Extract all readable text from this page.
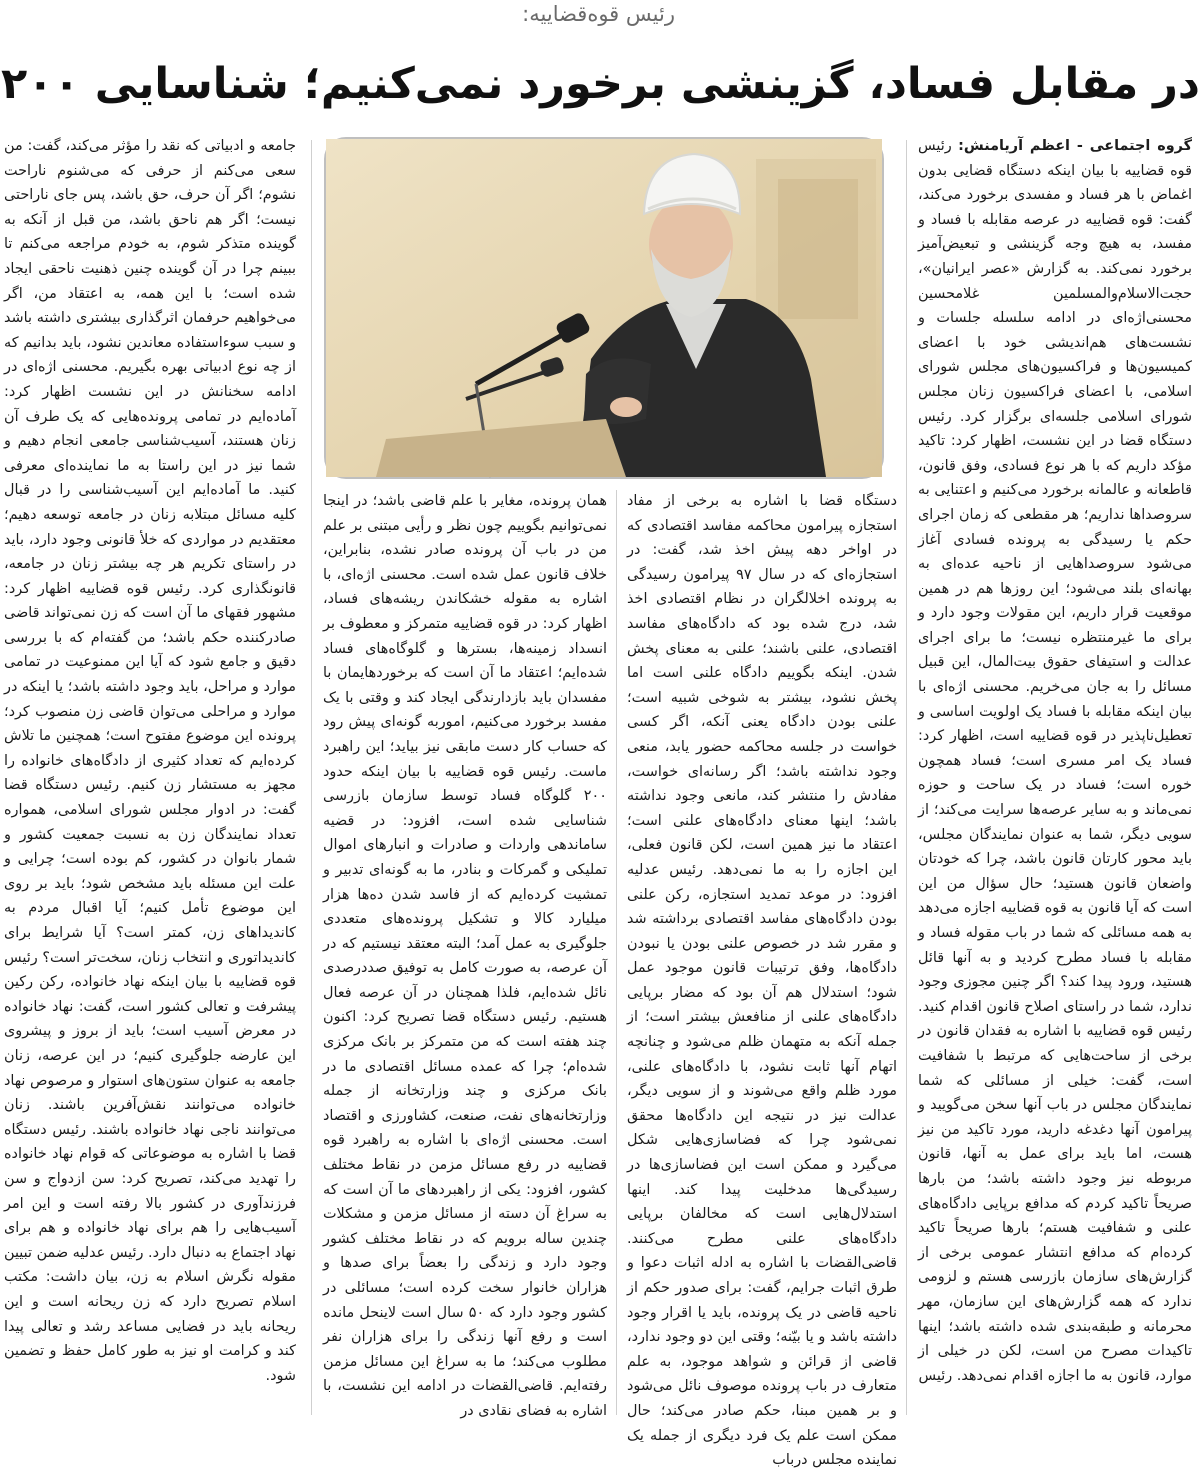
رئیس قوه‌قضاییه:
در مقابل فساد، گزینشی برخورد نمی‌کنیم؛ شناسایی ۲۰۰

گروه اجتماعی - اعظم آریامنش: رئیس قوه قضاییه با بیان اینکه دستگاه قضایی بدون اغماض با هر فساد و مفسدی برخورد می‌کند، گفت: قوه قضاییه در عرصه مقابله با فساد و مفسد، به هیچ وجه گزینشی و تبعیض‌آمیز برخورد نمی‌کند. به گزارش «عصر ایرانیان»، حجت‌الاسلام‌والمسلمین غلامحسین محسنی‌اژه‌ای در ادامه سلسله جلسات و نشست‌های هم‌اندیشی خود با اعضای کمیسیون‌ها و فراکسیون‌های مجلس شورای اسلامی، با اعضای فراکسیون زنان مجلس شورای اسلامی جلسه‌ای برگزار کرد. رئیس دستگاه قضا در این نشست، اظهار کرد: تاکید مؤکد داریم که با هر نوع فسادی، وفق قانون، قاطعانه و عالمانه برخورد می‌کنیم و اعتنایی به سروصداها نداریم؛ هر مقطعی که زمان اجرای حکم یا رسیدگی به پرونده فسادی آغاز می‌شود سروصداهایی از ناحیه عده‌ای به بهانه‌ای بلند می‌شود؛ این روزها هم در همین موقعیت قرار داریم، این مقولات وجود دارد و برای ما غیرمنتظره نیست؛ ما برای اجرای عدالت و استیفای حقوق بیت‌المال، این قبیل مسائل را به جان می‌خریم. محسنی اژه‌ای با بیان اینکه مقابله با فساد یک اولویت اساسی و تعطیل‌ناپذیر در قوه قضاییه است، اظهار کرد: فساد یک امر مسری است؛ فساد همچون خوره است؛ فساد در یک ساحت و حوزه نمی‌ماند و به سایر عرصه‌ها سرایت می‌کند؛ از سویی دیگر، شما به عنوان نمایندگان مجلس، باید محور کارتان قانون باشد، چرا که خودتان واضعان قانون هستید؛ حال سؤال من این است که آیا قانون به قوه قضاییه اجازه می‌دهد به همه مسائلی که شما در باب مقوله فساد و مقابله با فساد مطرح کردید و به آنها قائل هستید، ورود پیدا کند؟ اگر چنین مجوزی وجود ندارد، شما در راستای اصلاح قانون اقدام کنید. رئیس قوه قضاییه با اشاره به فقدان قانون در برخی از ساحت‌هایی که مرتبط با شفافیت است، گفت: خیلی از مسائلی که شما نمایندگان مجلس در باب آنها سخن می‌گویید و پیرامون آنها دغدغه دارید، مورد تاکید من نیز هست، اما باید برای عمل به آنها، قانون مربوطه نیز وجود داشته باشد؛ من بارها صریحاً تاکید کردم که مدافع برپایی دادگاه‌های علنی و شفافیت هستم؛ بارها صریحاً تاکید کرده‌ام که مدافع انتشار عمومی برخی از گزارش‌های سازمان بازرسی هستم و لزومی ندارد که همه گزارش‌های این سازمان، مهر محرمانه و طبقه‌بندی شده داشته باشد؛ اینها تاکیدات مصرح من است، لکن در خیلی از موارد، قانون به ما اجازه اقدام نمی‌دهد. رئیس

دستگاه قضا با اشاره به برخی از مفاد استجازه پیرامون محاکمه مفاسد اقتصادی که در اواخر دهه پیش اخذ شد، گفت: در استجازه‌ای که در سال ۹۷ پیرامون رسیدگی به پرونده اخلالگران در نظام اقتصادی اخذ شد، درج شده بود که دادگاه‌های مفاسد اقتصادی، علنی باشند؛ علنی به معنای پخش شدن. اینکه بگوییم دادگاه علنی است اما پخش نشود، بیشتر به شوخی شبیه است؛ علنی بودن دادگاه یعنی آنکه، اگر کسی خواست در جلسه محاکمه حضور یابد، منعی وجود نداشته باشد؛ اگر رسانه‌ای خواست، مفادش را منتشر کند، مانعی وجود نداشته باشد؛ اینها معنای دادگاه‌های علنی است؛ اعتقاد ما نیز همین است، لکن قانون فعلی، این اجازه را به ما نمی‌دهد. رئیس عدلیه افزود: در موعد تمدید استجازه، رکن علنی بودن دادگاه‌های مفاسد اقتصادی برداشته شد و مقرر شد در خصوص علنی بودن یا نبودن دادگاه‌ها، وفق ترتیبات قانون موجود عمل شود؛ استدلال هم آن بود که مضار برپایی دادگاه‌های علنی از منافعش بیشتر است؛ از جمله آنکه به متهمان ظلم می‌شود و چنانچه اتهام آنها ثابت نشود، با دادگاه‌های علنی، مورد ظلم واقع می‌شوند و از سویی دیگر، عدالت نیز در نتیجه این دادگاه‌ها محقق نمی‌شود چرا که فضاسازی‌هایی شکل می‌گیرد و ممکن است این فضاسازی‌ها در رسیدگی‌ها مدخلیت پیدا کند. اینها استدلال‌هایی است که مخالفان برپایی دادگاه‌های علنی مطرح می‌کنند. قاضی‌القضات با اشاره به ادله اثبات دعوا و طرق اثبات جرایم، گفت: برای صدور حکم از ناحیه قاضی در یک پرونده، باید یا اقرار وجود داشته باشد و یا بیّنه؛ وقتی این دو وجود ندارد، قاضی از قرائن و شواهد موجود، به علم متعارف در باب پرونده موصوف نائل می‌شود و بر همین مبنا، حکم صادر می‌کند؛ حال ممکن است علم یک فرد دیگری از جمله یک نماینده مجلس درباب

همان پرونده، مغایر با علم قاضی باشد؛ در اینجا نمی‌توانیم بگوییم چون نظر و رأیی مبتنی بر علم من در باب آن پرونده صادر نشده، بنابراین، خلاف قانون عمل شده است. محسنی اژه‌ای، با اشاره به مقوله خشکاندن ریشه‌های فساد، اظهار کرد: در قوه قضاییه متمرکز و معطوف بر انسداد زمینه‌ها، بسترها و گلوگاه‌های فساد شده‌ایم؛ اعتقاد ما آن است که برخوردهایمان با مفسدان باید بازدارندگی ایجاد کند و وقتی با یک مفسد برخورد می‌کنیم، اموربه گونه‌ای پیش رود که حساب کار دست مابقی نیز بیاید؛ این راهبرد ماست. رئیس قوه قضاییه با بیان اینکه حدود ۲۰۰ گلوگاه فساد توسط سازمان بازرسی شناسایی شده است، افزود: در قضیه ساماندهی واردات و صادرات و انبارهای اموال تملیکی و گمرکات و بنادر، ما به گونه‌ای تدبیر و تمشیت کرده‌ایم که از فاسد شدن ده‌ها هزار میلیارد کالا و تشکیل پرونده‌های متعددی جلوگیری به عمل آمد؛ البته معتقد نیستیم که در آن عرصه، به صورت کامل به توفیق صددرصدی نائل شده‌ایم، فلذا همچنان در آن عرصه فعال هستیم. رئیس دستگاه قضا تصریح کرد: اکنون چند هفته است که من متمرکز بر بانک مرکزی شده‌ام؛ چرا که عمده مسائل اقتصادی ما در بانک مرکزی و چند وزارتخانه از جمله وزارتخانه‌های نفت، صنعت، کشاورزی و اقتصاد است. محسنی اژه‌ای با اشاره به راهبرد قوه قضاییه در رفع مسائل مزمن در نقاط مختلف کشور، افزود: یکی از راهبردهای ما آن است که به سراغ آن دسته از مسائل مزمن و مشکلات چندین ساله برویم که در نقاط مختلف کشور وجود دارد و زندگی را بعضاً برای صدها و هزاران خانوار سخت کرده است؛ مسائلی در کشور وجود دارد که ۵۰ سال است لاینحل مانده است و رفع آنها زندگی را برای هزاران نفر مطلوب می‌کند؛ ما به سراغ این مسائل مزمن رفته‌ایم. قاضی‌القضات در ادامه این نشست، با اشاره به فضای نقادی در

جامعه و ادبیاتی که نقد را مؤثر می‌کند، گفت: من سعی می‌کنم از حرفی که می‌شنوم ناراحت نشوم؛ اگر آن حرف، حق باشد، پس جای ناراحتی نیست؛ اگر هم ناحق باشد، من قبل از آنکه به گوینده متذکر شوم، به خودم مراجعه می‌کنم تا ببینم چرا در آن گوینده چنین ذهنیت ناحقی ایجاد شده است؛ با این همه، به اعتقاد من، اگر می‌خواهیم حرفمان اثرگذاری بیشتری داشته باشد و سبب سوءاستفاده معاندین نشود، باید بدانیم که از چه نوع ادبیاتی بهره بگیریم. محسنی اژه‌ای در ادامه سخنانش در این نشست اظهار کرد: آماده‌ایم در تمامی پرونده‌هایی که یک طرف آن زنان هستند، آسیب‌شناسی جامعی انجام دهیم و شما نیز در این راستا به ما نماینده‌ای معرفی کنید. ما آماده‌ایم این آسیب‌شناسی را در قبال کلیه مسائل مبتلابه زنان در جامعه توسعه دهیم؛ معتقدیم در مواردی که خلأ قانونی وجود دارد، باید در راستای تکریم هر چه بیشتر زنان در جامعه، قانونگذاری کرد. رئیس قوه قضاییه اظهار کرد: مشهور فقهای ما آن است که زن نمی‌تواند قاضی صادرکننده حکم باشد؛ من گفته‌ام که با بررسی دقیق و جامع شود که آیا این ممنوعیت در تمامی موارد و مراحل، باید وجود داشته باشد؛ یا اینکه در موارد و مراحلی می‌توان قاضی زن منصوب کرد؛ پرونده این موضوع مفتوح است؛ همچنین ما تلاش کرده‌ایم که تعداد کثیری از دادگاه‌های خانواده را مجهز به مستشار زن کنیم. رئیس دستگاه قضا گفت: در ادوار مجلس شورای اسلامی، همواره تعداد نمایندگان زن به نسبت جمعیت کشور و شمار بانوان در کشور، کم بوده است؛ چرایی و علت این مسئله باید مشخص شود؛ باید بر روی این موضوع تأمل کنیم؛ آیا اقبال مردم به کاندیداهای زن، کمتر است؟ آیا شرایط برای کاندیداتوری و انتخاب زنان، سخت‌تر است؟ رئیس قوه قضاییه با بیان اینکه نهاد خانواده، رکن رکین پیشرفت و تعالی کشور است، گفت: نهاد خانواده در معرض آسیب است؛ باید از بروز و پیشروی این عارضه جلوگیری کنیم؛ در این عرصه، زنان جامعه به عنوان ستون‌های استوار و مرصوص نهاد خانواده می‌توانند نقش‌آفرین باشند. زنان می‌توانند ناجی نهاد خانواده باشند. رئیس دستگاه قضا با اشاره به موضوعاتی که قوام نهاد خانواده را تهدید می‌کند، تصریح کرد: سن ازدواج و سن فرزندآوری در کشور بالا رفته است و این امر آسیب‌هایی را هم برای نهاد خانواده و هم برای نهاد اجتماع به دنبال دارد. رئیس عدلیه ضمن تبیین مقوله نگرش اسلام به زن، بیان داشت: مکتب اسلام تصریح دارد که زن ریحانه است و این ریحانه باید در فضایی مساعد رشد و تعالی پیدا کند و کرامت او نیز به طور کامل حفظ و تضمین شود.
